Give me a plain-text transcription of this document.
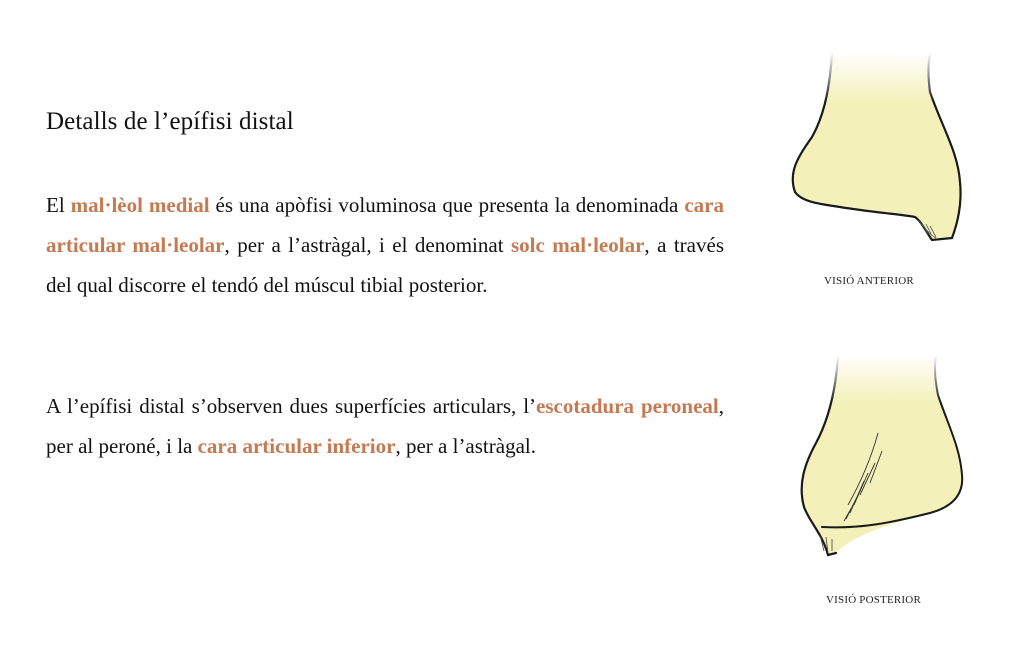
Detalls de l’epífisi distal

El mal·lèol medial és una apòfisi voluminosa que presenta la denominada cara articular mal·leolar, per a l’astràgal, i el denominat solc mal·leolar, a través del qual discorre el tendó del múscul tibial posterior.

A l’epífisi distal s’observen dues superfícies articulars, l’escotadura peroneal, per al peroné, i la cara articular inferior, per a l’astràgal.

VISIÓ ANTERIOR
VISIÓ POSTERIOR
